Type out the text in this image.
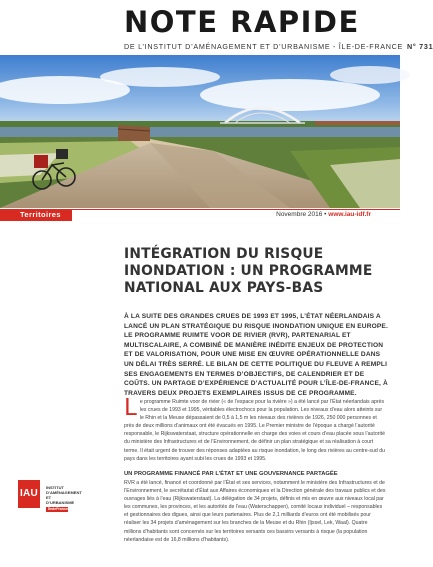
NOTE RAPIDE
DE L’INSTITUT D’AMÉNAGEMENT ET D’URBANISME - ÎLE-DE-FRANCE N° 731
Territoires	Novembre 2016 • www.iau-idf.fr
INTÉGRATION DU RISQUE INONDATION : UN PROGRAMME NATIONAL AUX PAYS-BAS

À LA SUITE DES GRANDES CRUES DE 1993 ET 1995, L’ÉTAT NÉERLANDAIS A LANCÉ UN PLAN STRATÉGIQUE DU RISQUE INONDATION UNIQUE EN EUROPE. LE PROGRAMME RUIMTE VOOR DE RIVIER (RVR), PARTENARIAL ET MULTISCALAIRE, A COMBINÉ DE MANIÈRE INÉDITE ENJEUX DE PROTECTION ET DE VALORISATION, POUR UNE MISE EN ŒUVRE OPÉRATIONNELLE DANS UN DÉLAI TRÈS SERRÉ. LE BILAN DE CETTE POLITIQUE DU FLEUVE A REMPLI SES ENGAGEMENTS EN TERMES D’OBJECTIFS, DE CALENDRIER ET DE COÛTS. UN PARTAGE D’EXPÉRIENCE D’ACTUALITÉ POUR L’ÎLE-DE-FRANCE, À TRAVERS DEUX PROJETS EXEMPLAIRES ISSUS DE CE PROGRAMME.

Le programme Ruimte voor de rivier (« de l’espace pour la rivière ») a été lancé par l’État néerlandais après les crues de 1993 et 1995, véritables électrochocs pour la population. Les niveaux d’eau alors atteints sur le Rhin et la Meuse dépassaient de 0,5 à 1,5 m les niveaux des rivières de 1926, 250 000 personnes et près de deux millions d’animaux ont été évacués en 1995. Le Premier ministre de l’époque a chargé l’autorité responsable, le Rijkswaterstaat, structure opérationnelle en charge des voies et cours d’eau placée sous l’autorité du ministère des Infrastructures et de l’Environnement, de définir un plan stratégique et sa réalisation à court terme. Il était urgent de trouver des réponses adaptées au risque inondation, le long des rivières au centre-sud du pays dans les territoires ayant subi les crues de 1993 et 1995.

UN PROGRAMME FINANCÉ PAR L’ÉTAT ET UNE GOUVERNANCE PARTAGÉE

RVR a été lancé, financé et coordonné par l’État et ses services, notamment le ministère des Infrastructures et de l’Environnement, le secrétariat d’État aux Affaires économiques et la Direction générale des travaux publics et des ouvrages liés à l’eau (Rijkswaterstaat). La délégation de 34 projets, définis et mis en œuvre aux niveaux local par les communes, les provinces, et les autorités de l’eau (Waterschappen), comité locaux individuel – responsables et gestionnaires des digues, ainsi que leurs partenaires. Plus de 2,1 milliards d’euros ont été mobilisés pour réaliser les 34 projets d’aménagement sur les branches de la Meuse et du Rhin (Ijssel, Lek, Waal). Quatre millions d’habitants sont concernés sur les territoires versants ces bassins versants à risque (la population néerlandaise est de 16,8 millions d’habitants).

IAU
INSTITUT D’AMÉNAGEMENT ET D’URBANISME
ÎledeFrance
